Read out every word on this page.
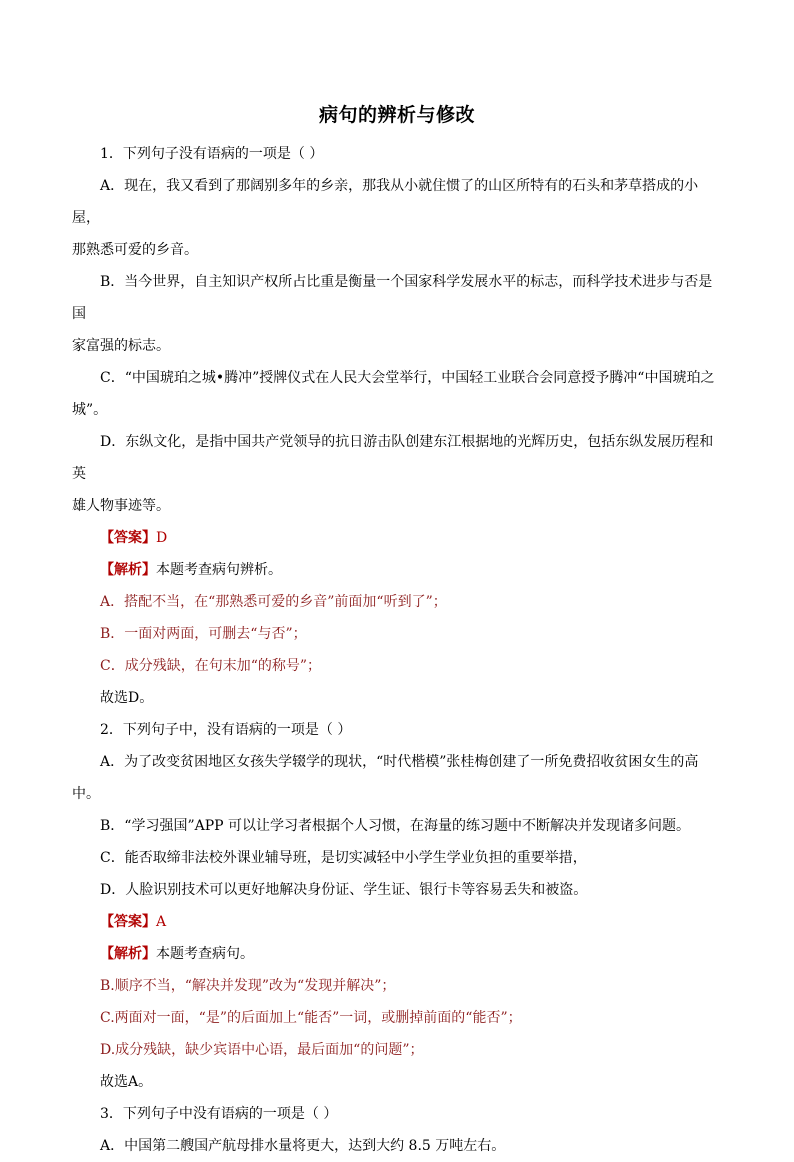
病句的辨析与修改

1．下列句子没有语病的一项是（ ）

A．现在，我又看到了那阔别多年的乡亲，那我从小就住惯了的山区所特有的石头和茅草搭成的小屋，

那熟悉可爱的乡音。

B．当今世界，自主知识产权所占比重是衡量一个国家科学发展水平的标志，而科学技术进步与否是国

家富强的标志。

C．“中国琥珀之城•腾冲”授牌仪式在人民大会堂举行，中国轻工业联合会同意授予腾冲“中国琥珀之

城”。

D．东纵文化，是指中国共产党领导的抗日游击队创建东江根据地的光辉历史，包括东纵发展历程和英

雄人物事迹等。

【答案】D

【解析】本题考查病句辨析。

A．搭配不当，在“那熟悉可爱的乡音”前面加“听到了”；

B．一面对两面，可删去“与否”；

C．成分残缺，在句末加“的称号”；

故选D。

2．下列句子中，没有语病的一项是（ ）

A．为了改变贫困地区女孩失学辍学的现状，“时代楷模”张桂梅创建了一所免费招收贫困女生的高中。

B．“学习强国”APP 可以让学习者根据个人习惯，在海量的练习题中不断解决并发现诸多问题。

C．能否取缔非法校外课业辅导班，是切实减轻中小学生学业负担的重要举措，

D．人脸识别技术可以更好地解决身份证、学生证、银行卡等容易丢失和被盗。

【答案】A

【解析】本题考查病句。

B.顺序不当，“解决并发现”改为“发现并解决”；

C.两面对一面，“是”的后面加上“能否”一词，或删掉前面的“能否”；

D.成分残缺，缺少宾语中心语，最后面加“的问题”；

故选A。

3．下列句子中没有语病的一项是（ ）

A．中国第二艘国产航母排水量将更大，达到大约 8.5 万吨左右。
